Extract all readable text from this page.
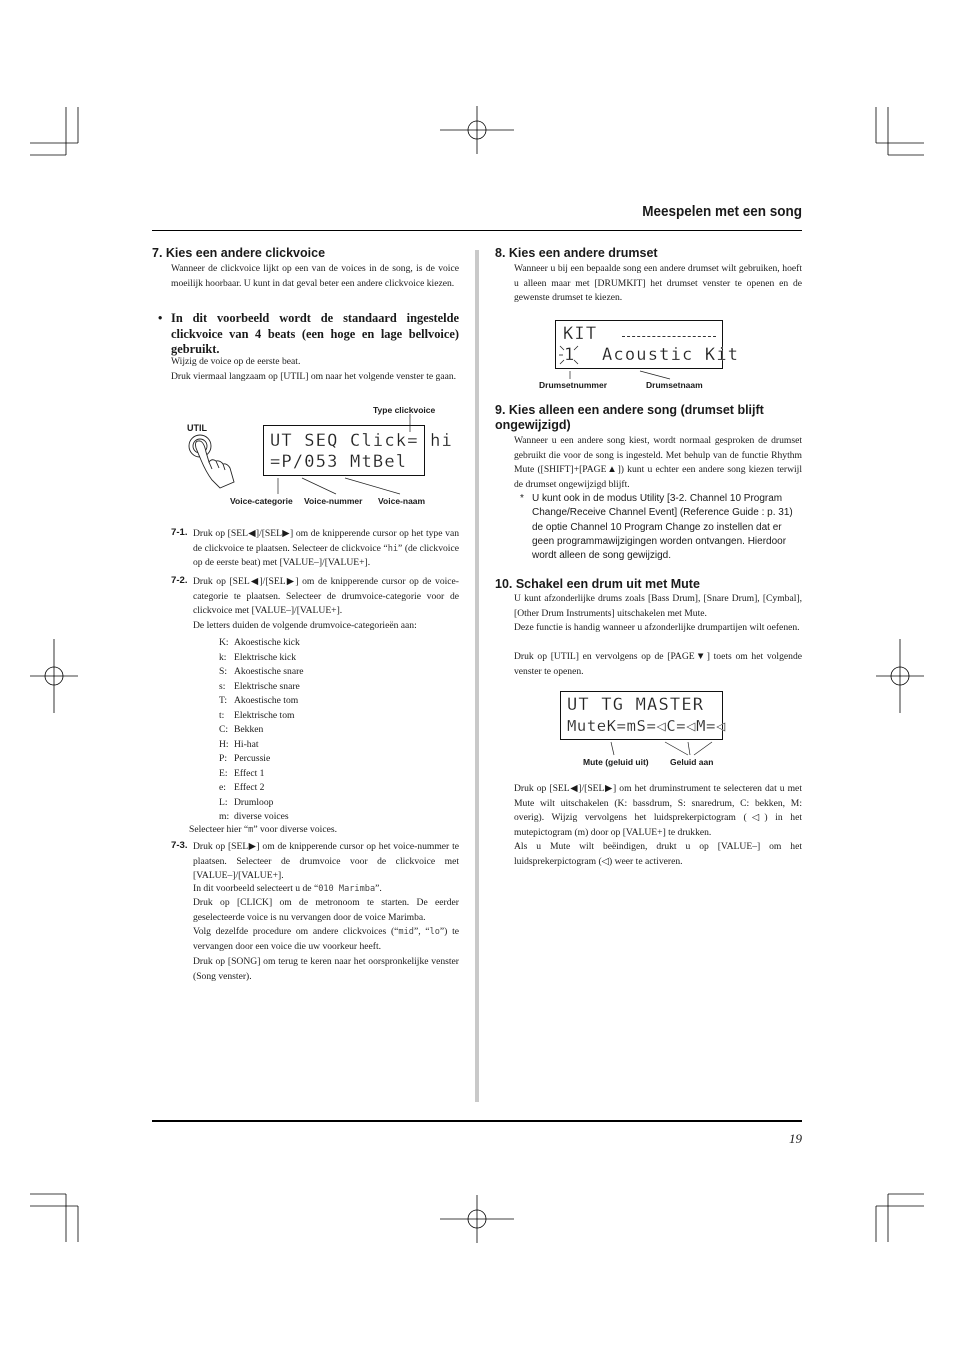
Meespelen met een song
7. Kies een andere clickvoice
Wanneer de clickvoice lijkt op een van de voices in de song, is de voice moeilijk hoorbaar. U kunt in dat geval beter een andere clickvoice kiezen.
• In dit voorbeeld wordt de standaard ingestelde clickvoice van 4 beats (een hoge en lage bellvoice) gebruikt.
Wijzig de voice op de eerste beat.
Druk viermaal langzaam op [UTIL] om naar het volgende venster te gaan.
Type clickvoice
UTIL
UT SEQ Click= hi
=P/053 MtBel
Voice-categorie Voice-nummer Voice-naam
7-1. Druk op [SEL◀]/[SEL▶] om de knipperende cursor op het type van de clickvoice te plaatsen. Selecteer de clickvoice “hi” (de clickvoice op de eerste beat) met [VALUE–]/[VALUE+].
7-2. Druk op [SEL◀]/[SEL▶] om de knipperende cursor op de voice-categorie te plaatsen. Selecteer de drumvoice-categorie voor de clickvoice met [VALUE–]/[VALUE+].
De letters duiden de volgende drumvoice-categorieën aan:
K: Akoestische kick
k: Elektrische kick
S: Akoestische snare
s: Elektrische snare
T: Akoestische tom
t: Elektrische tom
C: Bekken
H: Hi-hat
P: Percussie
E: Effect 1
e: Effect 2
L: Drumloop
m: diverse voices
Selecteer hier “m” voor diverse voices.
7-3. Druk op [SEL▶] om de knipperende cursor op het voice-nummer te plaatsen. Selecteer de drumvoice voor de clickvoice met [VALUE–]/[VALUE+].
In dit voorbeeld selecteert u de “010 Marimba”.
Druk op [CLICK] om de metronoom te starten. De eerder geselecteerde voice is nu vervangen door de voice Marimba.
Volg dezelfde procedure om andere clickvoices (“mid”, “lo”) te vervangen door een voice die uw voorkeur heeft.
Druk op [SONG] om terug te keren naar het oorspronkelijke venster (Song venster).
8. Kies een andere drumset
Wanneer u bij een bepaalde song een andere drumset wilt gebruiken, hoeft u alleen maar met [DRUMKIT] het drumset venster te openen en de gewenste drumset te kiezen.
KIT
1 Acoustic Kit
Drumsetnummer	Drumsetnaam
9. Kies alleen een andere song (drumset blijft ongewijzigd)
Wanneer u een andere song kiest, wordt normaal gesproken de drumset gebruikt die voor de song is ingesteld. Met behulp van de functie Rhythm Mute ([SHIFT]+[PAGE▲]) kunt u echter een andere song kiezen terwijl de drumset ongewijzigd blijft.
* U kunt ook in de modus Utility [3-2. Channel 10 Program Change/Receive Channel Event] (Reference Guide : p. 31) de optie Channel 10 Program Change zo instellen dat er geen programmawijzigingen worden ontvangen. Hierdoor wordt alleen de song gewijzigd.
10. Schakel een drum uit met Mute
U kunt afzonderlijke drums zoals [Bass Drum], [Snare Drum], [Cymbal], [Other Drum Instruments] uitschakelen met Mute.
Deze functie is handig wanneer u afzonderlijke drumpartijen wilt oefenen.
Druk op [UTIL] en vervolgens op de [PAGE▼] toets om het volgende venster te openen.
UT TG MASTER
MuteK=mS=◁C=◁M=◁
Mute (geluid uit)	Geluid aan
Druk op [SEL◀]/[SEL▶] om het druminstrument te selecteren dat u met Mute wilt uitschakelen (K: bassdrum, S: snaredrum, C: bekken, M: overig). Wijzig vervolgens het luidsprekerpictogram (◁) in het mutepictogram (m) door op [VALUE+] te drukken.
Als u Mute wilt beëindigen, drukt u op [VALUE–] om het luidsprekerpictogram (◁) weer te activeren.
19
